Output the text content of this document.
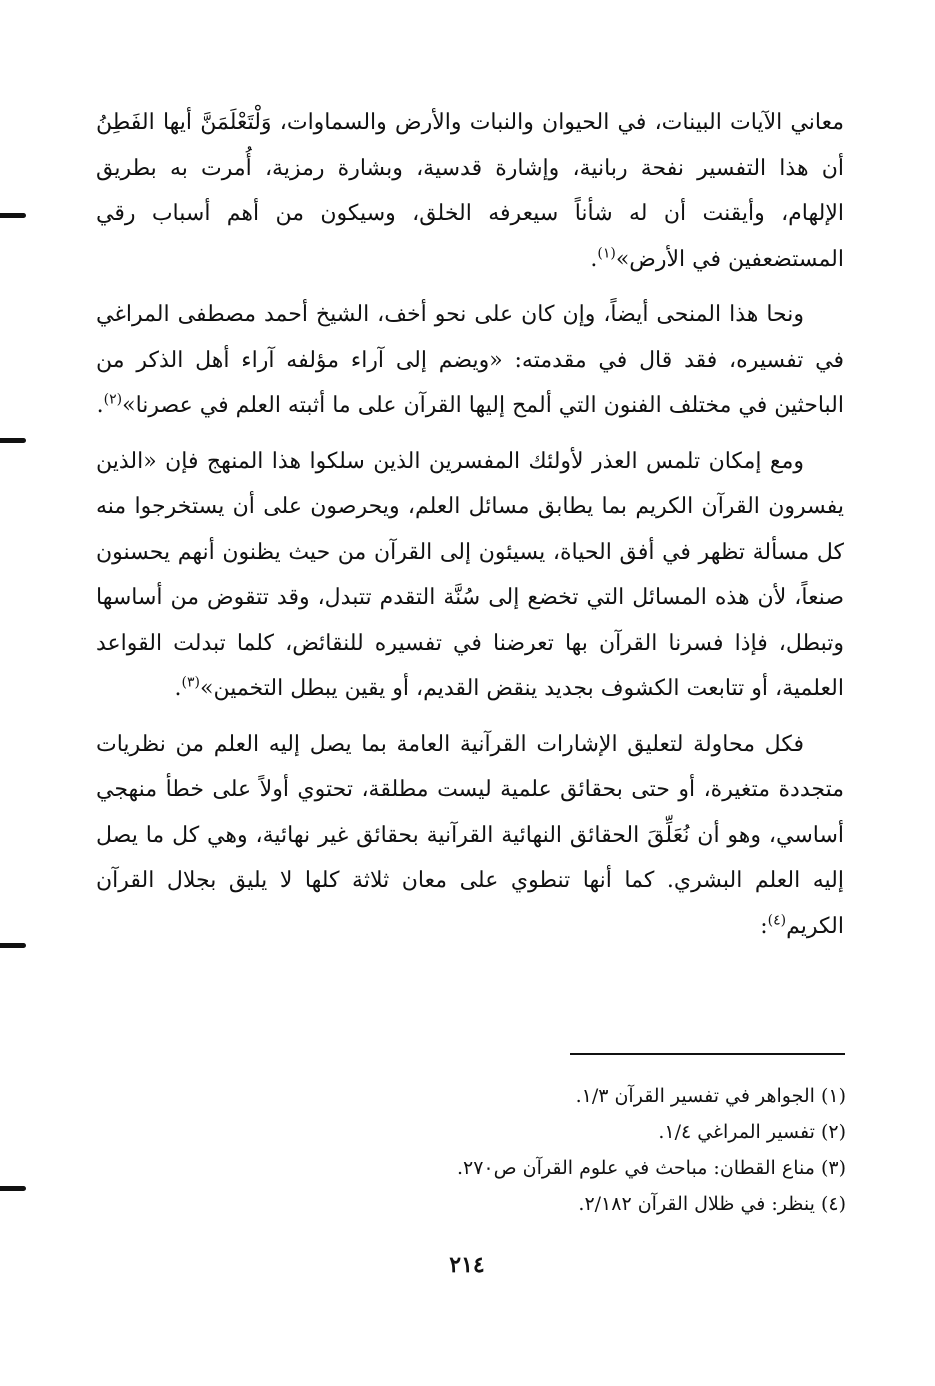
معاني الآيات البينات، في الحيوان والنبات والأرض والسماوات، وَلْتَعْلَمَنَّ أيها الفَطِنُ أن هذا التفسير نفحة ربانية، وإشارة قدسية، وبشارة رمزية، أُمرت به بطريق الإلهام، وأيقنت أن له شأناً سيعرفه الخلق، وسيكون من أهم أسباب رقي المستضعفين في الأرض»$^{(١)}$.

ونحا هذا المنحى أيضاً، وإن كان على نحو أخف، الشيخ أحمد مصطفى المراغي في تفسيره، فقد قال في مقدمته: «ويضم إلى آراء مؤلفه آراء أهل الذكر من الباحثين في مختلف الفنون التي ألمح إليها القرآن على ما أثبته العلم في عصرنا»$^{(٢)}$.

ومع إمكان تلمس العذر لأولئك المفسرين الذين سلكوا هذا المنهج فإن «الذين يفسرون القرآن الكريم بما يطابق مسائل العلم، ويحرصون على أن يستخرجوا منه كل مسألة تظهر في أفق الحياة، يسيئون إلى القرآن من حيث يظنون أنهم يحسنون صنعاً، لأن هذه المسائل التي تخضع إلى سُنَّة التقدم تتبدل، وقد تتقوض من أساسها وتبطل، فإذا فسرنا القرآن بها تعرضنا في تفسيره للنقائض، كلما تبدلت القواعد العلمية، أو تتابعت الكشوف بجديد ينقض القديم، أو يقين يبطل التخمين»$^{(٣)}$.

فكل محاولة لتعليق الإشارات القرآنية العامة بما يصل إليه العلم من نظريات متجددة متغيرة، أو حتى بحقائق علمية ليست مطلقة، تحتوي أولاً على خطأ منهجي أساسي، وهو أن نُعَلِّقَ الحقائق النهائية القرآنية بحقائق غير نهائية، وهي كل ما يصل إليه العلم البشري. كما أنها تنطوي على معان ثلاثة كلها لا يليق بجلال القرآن الكريم$^{(٤)}$:

(١) الجواهر في تفسير القرآن ١/٣.

(٢) تفسير المراغي ١/٤.

(٣) مناع القطان: مباحث في علوم القرآن ص٢٧٠.

(٤) ينظر: في ظلال القرآن ٢/١٨٢.

٢١٤
